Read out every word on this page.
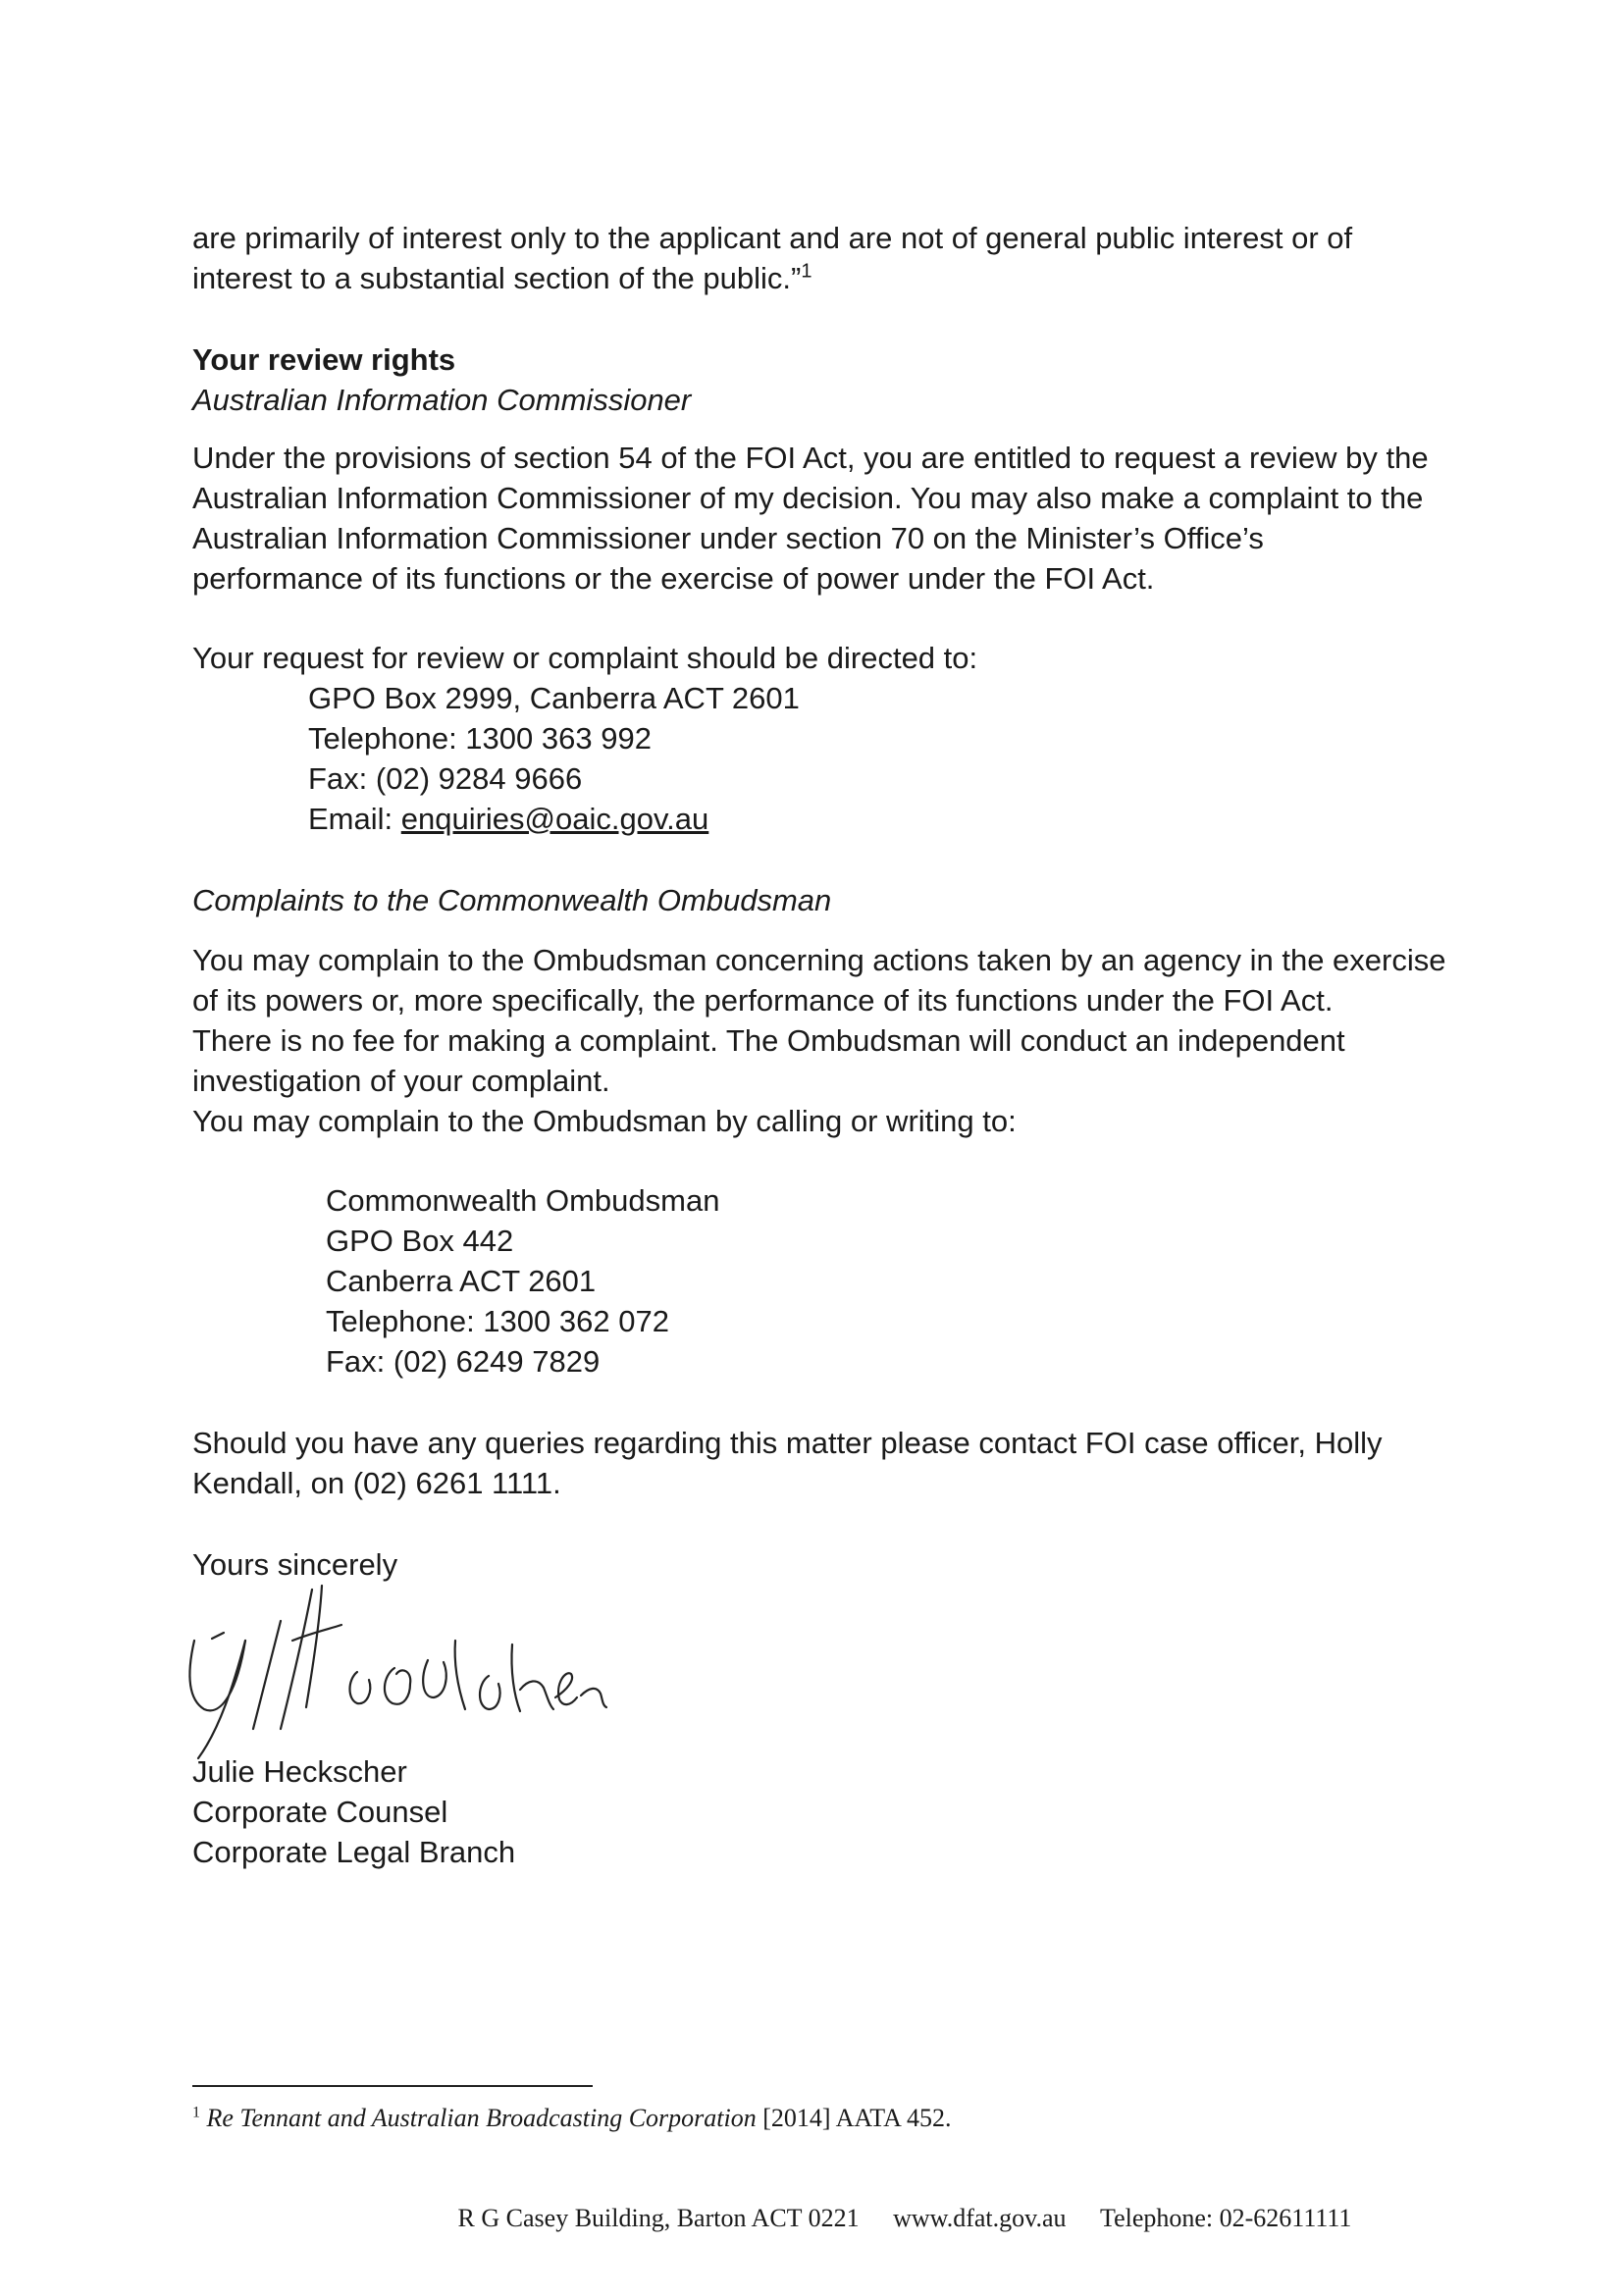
are primarily of interest only to the applicant and are not of general public interest or of

interest to a substantial section of the public.”$^1$

Your review rights

Australian Information Commissioner

Under the provisions of section 54 of the FOI Act, you are entitled to request a review by the

Australian Information Commissioner of my decision. You may also make a complaint to the

Australian Information Commissioner under section 70 on the Minister’s Office’s

performance of its functions or the exercise of power under the FOI Act.

Your request for review or complaint should be directed to:

GPO Box 2999, Canberra ACT 2601

Telephone: 1300 363 992

Fax: (02) 9284 9666

Email: enquiries@oaic.gov.au

Complaints to the Commonwealth Ombudsman

You may complain to the Ombudsman concerning actions taken by an agency in the exercise

of its powers or, more specifically, the performance of its functions under the FOI Act.

There is no fee for making a complaint. The Ombudsman will conduct an independent

investigation of your complaint.

You may complain to the Ombudsman by calling or writing to:

Commonwealth Ombudsman

GPO Box 442

Canberra ACT 2601

Telephone: 1300 362 072

Fax: (02) 6249 7829

Should you have any queries regarding this matter please contact FOI case officer, Holly

Kendall, on (02) 6261 1111.

Yours sincerely

Julie Heckscher

Corporate Counsel

Corporate Legal Branch

$^1$ Re Tennant and Australian Broadcasting Corporation [2014] AATA 452.
R G Casey Building, Barton ACT 0221 www.dfat.gov.au Telephone: 02-62611111
